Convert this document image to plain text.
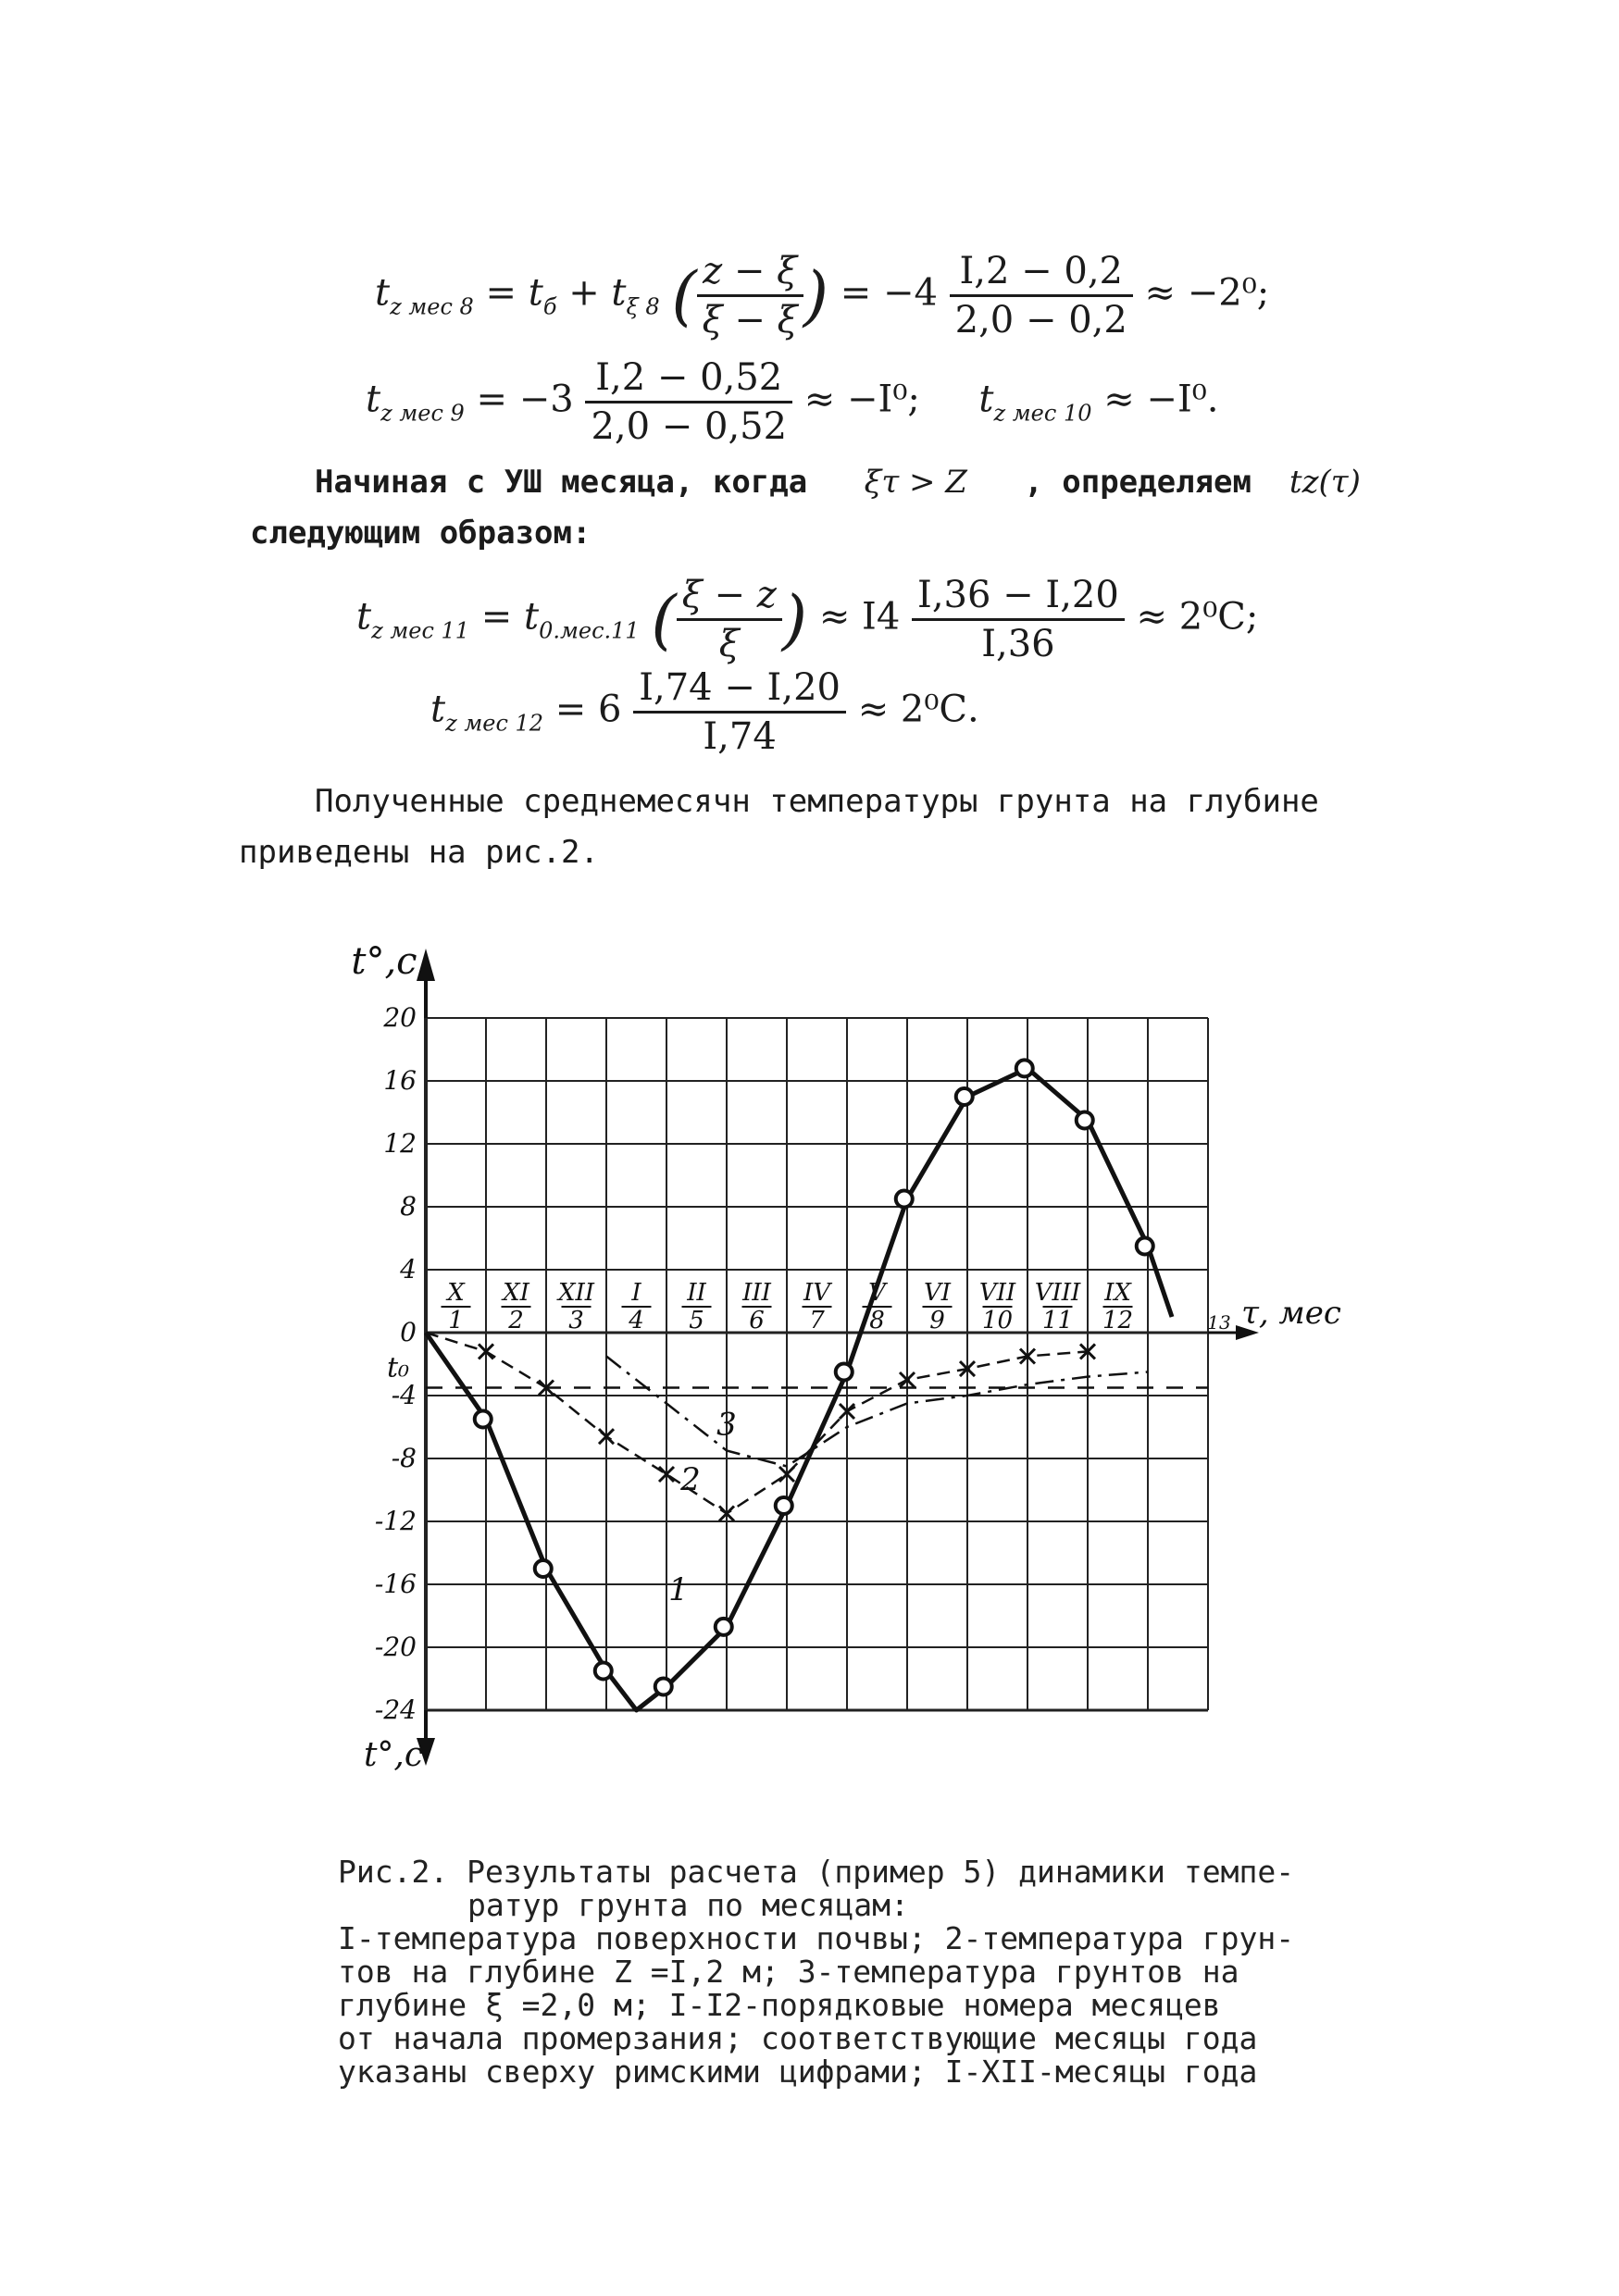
$t_{z мес 8} = t_б + t_{\xi 8}$ ( $\frac{z - \xi}{\xi - \xi}$ ) = $-4 \frac{I,2 - 0,2}{2,0 - 0,2} \approx -2^0$;
$t_{z мес 9} = -3 \frac{I,2 - 0,52}{2,0 - 0,52} \approx -I^0$; $t_{z мес 10} \approx -I^0$.
Начиная с УШ месяца, когда ξτ > Z , определяем tz(τ)
следующим образом:
$t_{z мес 11} = t_{0.мес.11}$ ( $\frac{\xi - z}{\xi}$ ) ≈ $I4 \frac{I,36 - I,20}{I,36} \approx 2^0С$;
$t_{z мес 12} = 6 \frac{I,74 - I,20}{I,74} \approx 2^0С$.
Полученные среднемесячн температуры грунта на глубине
приведены на рис.2.
20
16
12
8
4
0
-4
-8
-12
-16
-20
-24
t°,c
t°,c
τ, мес
13
X
1
XI
2
XII
3
I
4
II
5
III
6
IV
7
V
8
VI
9
VII
10
VIII
11
IX
12
t₀
1
2
3
Рис.2. Результаты расчета (пример 5) динамики темпе-
ратур грунта по месяцам:
I-температура поверхности почвы; 2-температура грун-
тов на глубине Z =I,2 м; 3-температура грунтов на
глубине ξ =2,0 м; I-I2-порядковые номера месяцев
от начала промерзания; соответствующие месяцы года
указаны сверху римскими цифрами; I-XII-месяцы года
